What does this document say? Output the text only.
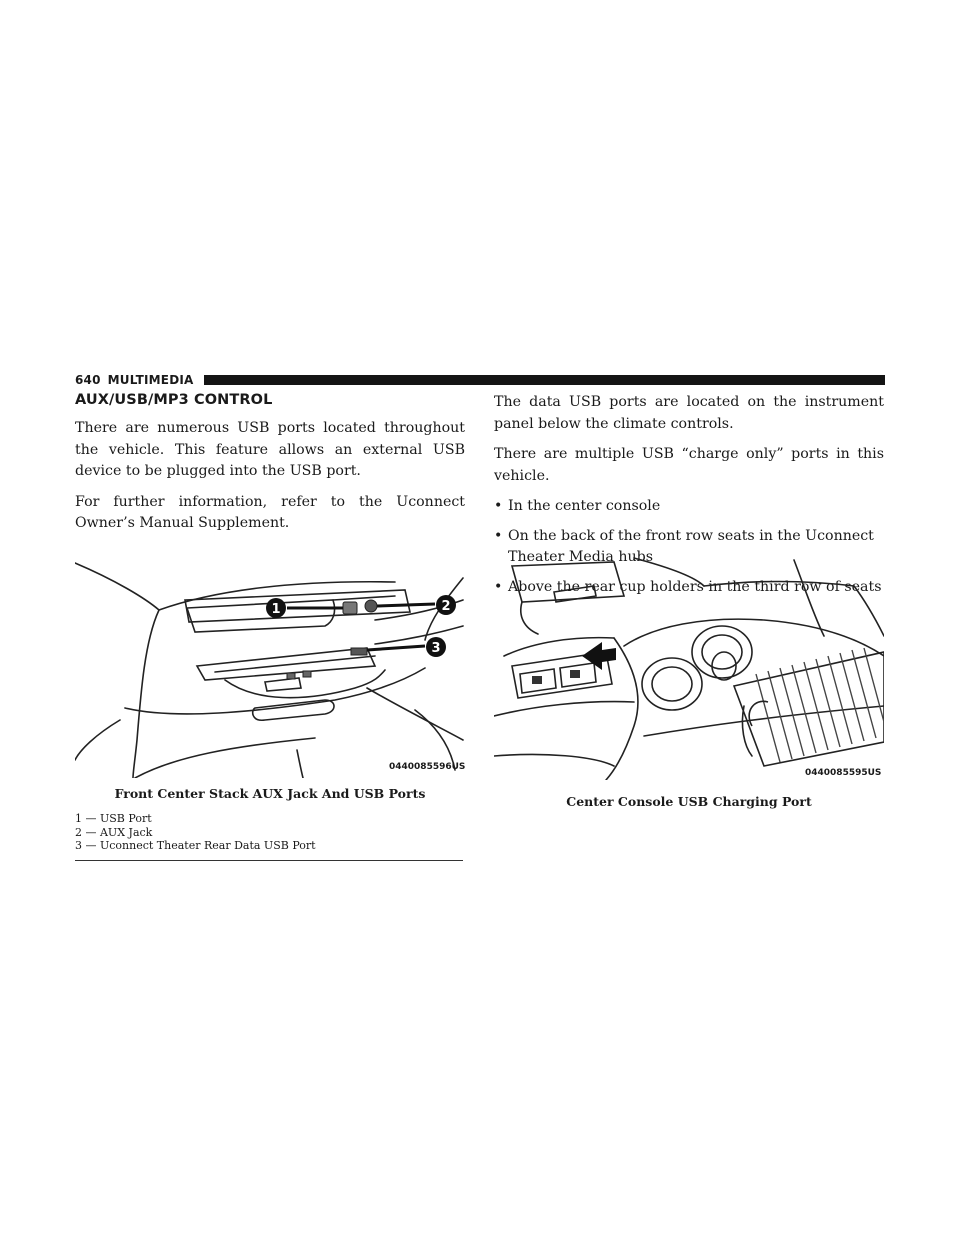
640 MULTIMEDIA
AUX/USB/MP3 CONTROL

There are numerous USB ports located throughout the vehicle. This feature allows an external USB device to be plugged into the USB port.

For further information, refer to the Uconnect Owner’s Manual Supplement.

1	2
3
0440085596US
Front Center Stack AUX Jack And USB Ports
1 — USB Port
2 — AUX Jack
3 — Uconnect Theater Rear Data USB Port

The data USB ports are located on the instrument panel below the climate controls.

There are multiple USB “charge only” ports in this vehicle.

• In the center console
• On the back of the front row seats in the Uconnect Theater Media hubs
• Above the rear cup holders in the third row of seats
0440085595US
Center Console USB Charging Port
